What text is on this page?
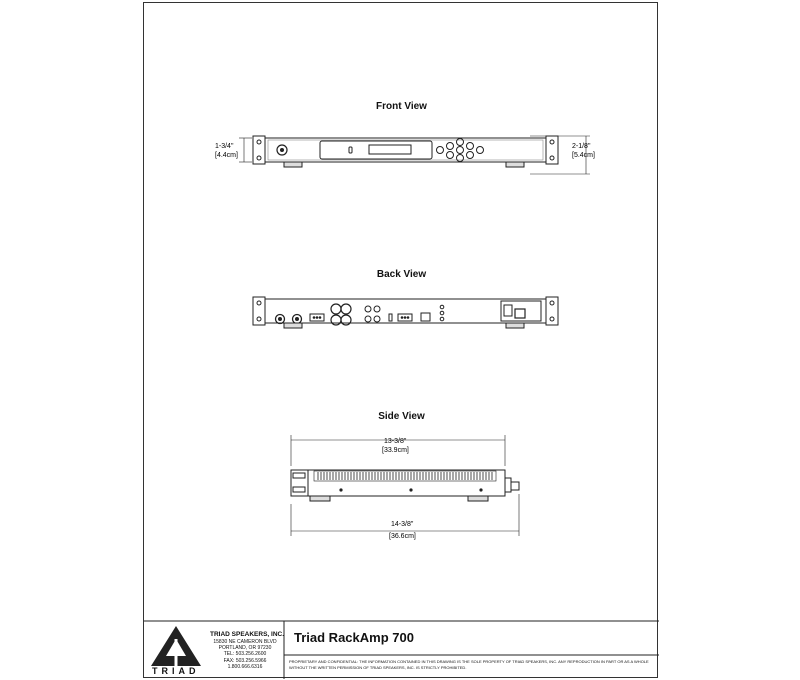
Front View
1-3/4"
[4.4cm]
2-1/8"
[5.4cm]
Back View
Side View
13-3/8"
[33.9cm]
14-3/8"
[36.6cm]
TRIAD
TRIAD SPEAKERS, INC.
15830 NE CAMERON BLVD
PORTLAND, OR 97230
TEL: 503.256.2600
FAX: 503.256.5966
1.800.666.6316
Triad RackAmp 700
PROPRIETARY AND CONFIDENTIAL: THE INFORMATION CONTAINED IN THIS DRAWING IS THE SOLE PROPERTY OF TRIAD SPEAKERS, INC. ANY REPRODUCTION IN PART OR AS A WHOLE WITHOUT THE WRITTEN PERMISSION OF TRIAD SPEAKERS, INC. IS STRICTLY PROHIBITED.
